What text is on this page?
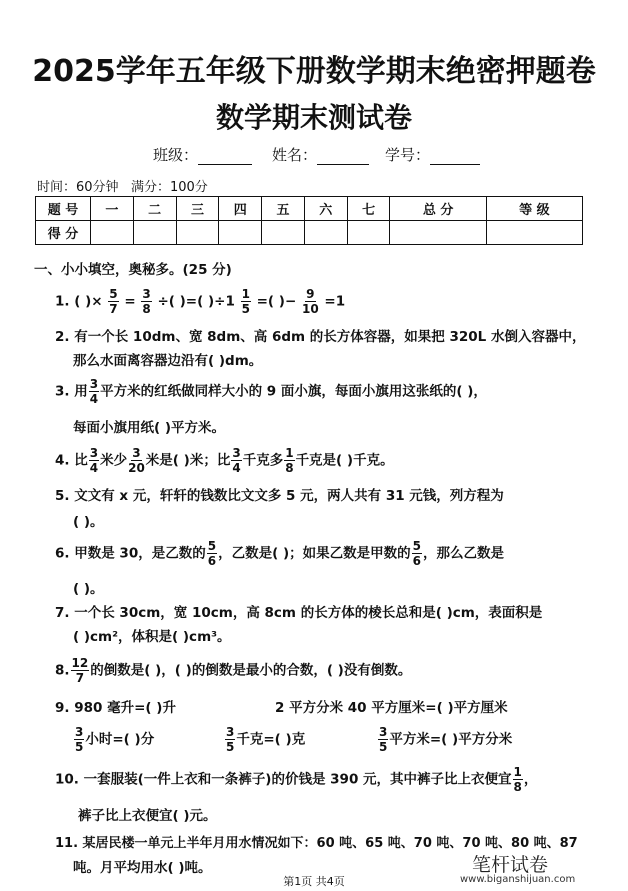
2025学年五年级下册数学期末绝密押题卷
数学期末测试卷
班级：	姓名：	学号：
时间：60分钟 满分：100分
题 号	一	二	三	四	五	六	七	总 分	等 级
得 分									
一、小小填空，奥秘多。(25 分)
1. ( )× $\frac{5}{7} = \frac{3}{8}$ ÷( )=( )$\div 1 \frac{1}{5}$ =( )− $\frac{9}{10} =1$
2. 有一个长 10dm、宽 8dm、高 6dm 的长方体容器，如果把 320L 水倒入容器中，
那么水面离容器边沿有( )dm。
3. 用 $\frac{3}{4}$ 平方米的红纸做同样大小的 9 面小旗，每面小旗用这张纸的( )，
每面小旗用纸( )平方米。
4. 比 $\frac{3}{4}$ 米少 $\frac{3}{20}$ 米是( )米；比 $\frac{3}{4}$ 千克多 $\frac{1}{8}$ 千克是( )千克。
5. 文文有 x 元，轩轩的钱数比文文多 5 元，两人共有 31 元钱，列方程为
( )。
6. 甲数是 30，是乙数的 $\frac{5}{6}$ ，乙数是( )；如果乙数是甲数的 $\frac{5}{6}$ ，那么乙数是
( )。
7. 一个长 30cm，宽 10cm，高 8cm 的长方体的棱长总和是( )cm，表面积是
( )cm²，体积是( )cm³。
8. $\frac{12}{7}$ 的倒数是( )，( )的倒数是最小的合数，( )没有倒数。
9. 980 毫升=( )升	2 平方分米 40 平方厘米=( )平方厘米
$\frac{3}{5}$ 小时=( )分	$\frac{3}{5}$ 千克=( )克	$\frac{3}{5}$ 平方米=( )平方分米
10. 一套服装(一件上衣和一条裤子)的价钱是 390 元，其中裤子比上衣便宜 $\frac{1}{8}$ ，
裤子比上衣便宜( )元。
11. 某居民楼一单元上半年月用水情况如下：60 吨、65 吨、70 吨、70 吨、80 吨、87
吨。月平均用水( )吨。	笔杆试卷
www.biganshijuan.com
第1页 共4页
